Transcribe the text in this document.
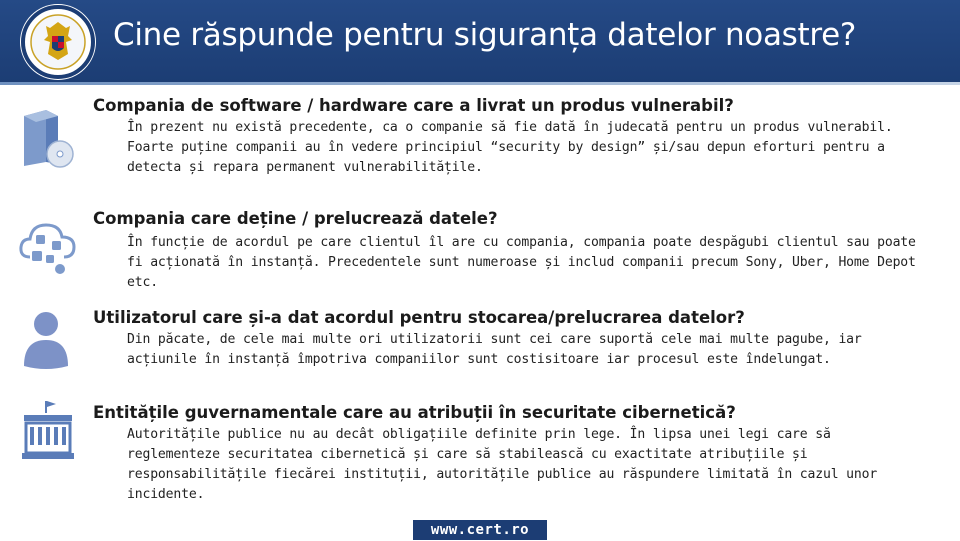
Cine răspunde pentru siguranța datelor noastre?
Compania de software / hardware care a livrat un produs vulnerabil?
În prezent nu există precedente, ca o companie să fie dată în judecată pentru un produs vulnerabil. Foarte puține companii au în vedere principiul “security by design” și/sau depun eforturi pentru a detecta și repara permanent vulnerabilitățile.
Compania care deține / prelucrează datele?
În funcție de acordul pe care clientul îl are cu compania, compania poate despăgubi clientul sau poate fi acționată în instanță. Precedentele sunt numeroase și includ companii precum Sony, Uber, Home Depot etc.
Utilizatorul care și-a dat acordul pentru stocarea/prelucrarea datelor?
Din păcate, de cele mai multe ori utilizatorii sunt cei care suportă cele mai multe pagube, iar acțiunile în instanță împotriva companiilor sunt costisitoare iar procesul este îndelungat.
Entitățile guvernamentale care au atribuții în securitate cibernetică?
Autoritățile publice nu au decât obligațiile definite prin lege. În lipsa unei legi care să reglementeze securitatea cibernetică și care să stabilească cu exactitate atribuțiile și responsabilitățile fiecărei instituții, autoritățile publice au răspundere limitată în cazul unor incidente.
www.cert.ro
